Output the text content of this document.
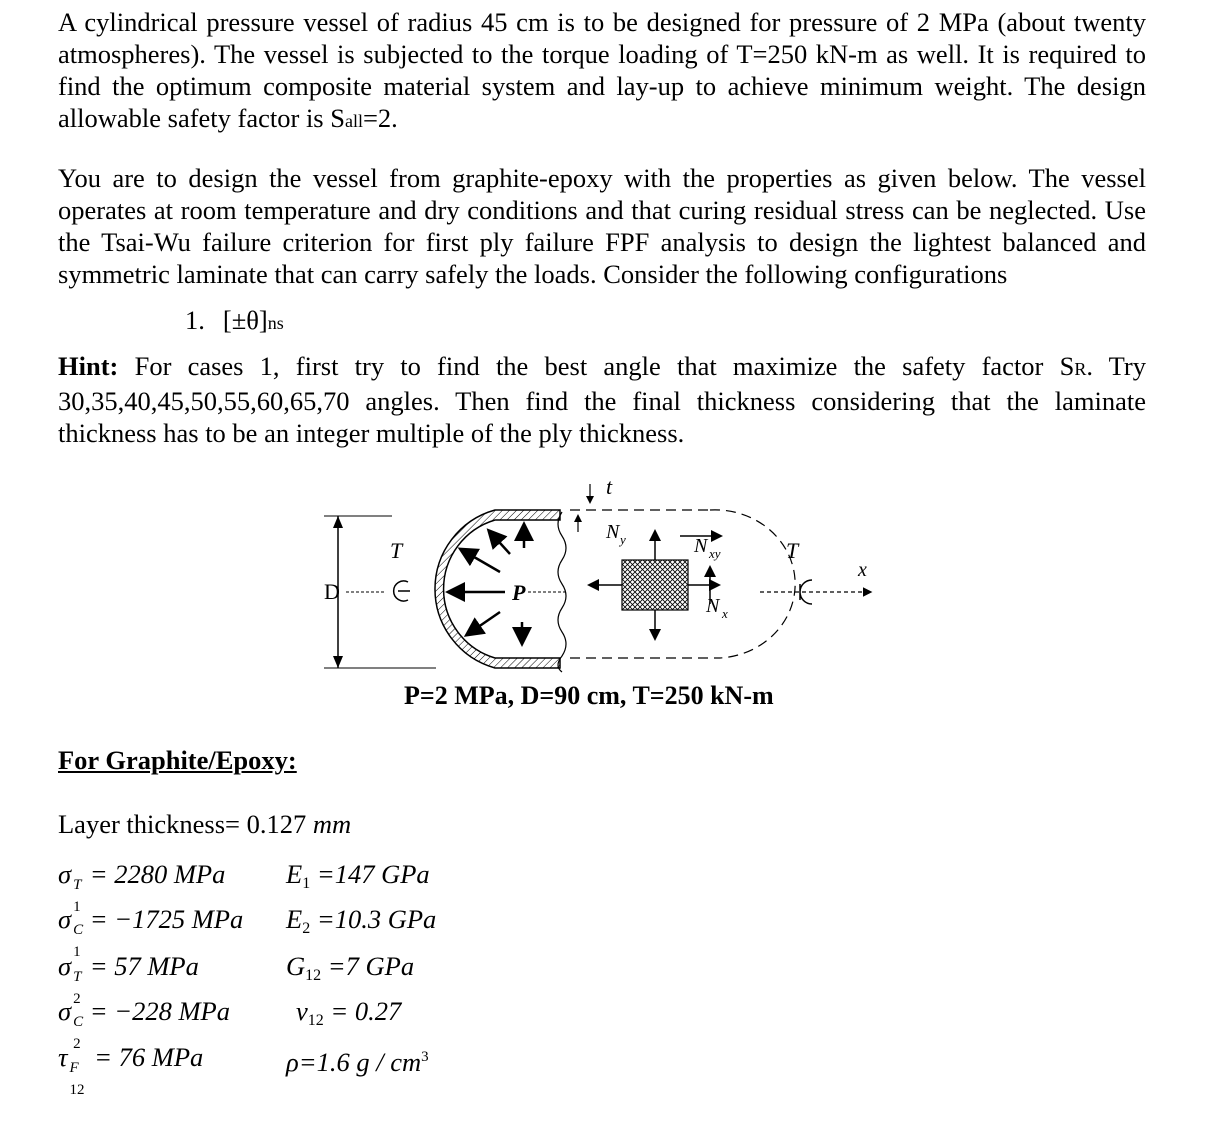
A cylindrical pressure vessel of radius 45 cm is to be designed for pressure of 2 MPa (about twenty atmospheres). The vessel is subjected to the torque loading of T=250 kN-m as well. It is required to find the optimum composite material system and lay-up to achieve minimum weight. The design allowable safety factor is Sall=2.

You are to design the vessel from graphite-epoxy with the properties as given below. The vessel operates at room temperature and dry conditions and that curing residual stress can be neglected. Use the Tsai-Wu failure criterion for first ply failure FPF analysis to design the lightest balanced and symmetric laminate that can carry safely the loads. Consider the following configurations

1. [±θ]ns

Hint: For cases 1, first try to find the best angle that maximize the safety factor SR. Try 30,35,40,45,50,55,60,65,70 angles. Then find the final thickness considering that the laminate thickness has to be an integer multiple of the ply thickness.

D
T
P
t
N y	N xy
N x
T
x
P=2 MPa, D=90 cm, T=250 kN-m
For Graphite/Epoxy:
Layer thickness= 0.127 mm
σ T
1
= 2280 MPa
σ C
1
= −1725 MPa
σ T
2
= 57 MPa
σ C
2
= −228 MPa
τ F
12
= 76 MPa
E1 =147 GPa
E2 =10.3 GPa
G12 =7 GPa
ν12 = 0.27
ρ=1.6 g / $cm^3$
